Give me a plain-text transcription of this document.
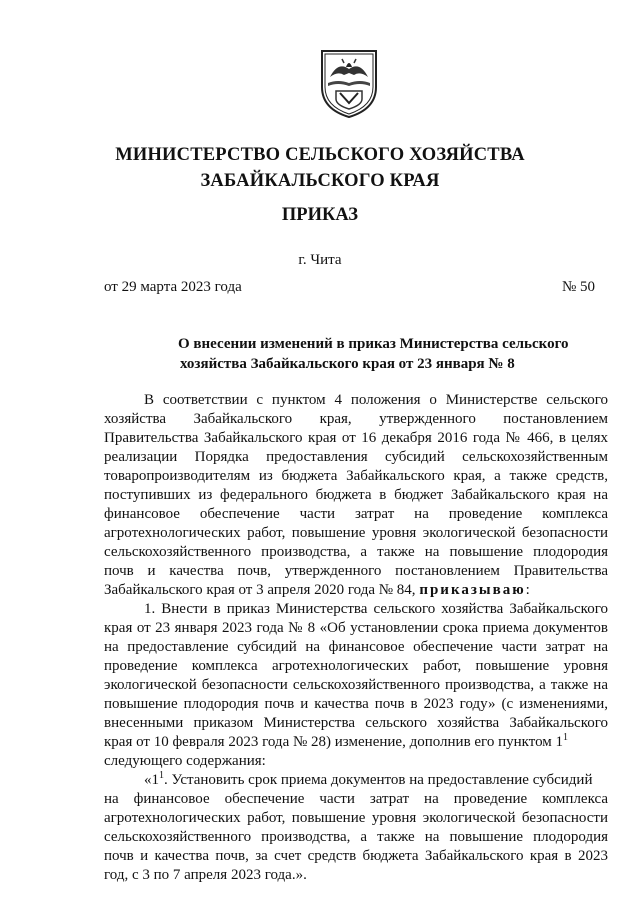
МИНИСТЕРСТВО СЕЛЬСКОГО ХОЗЯЙСТВА
ЗАБАЙКАЛЬСКОГО КРАЯ
ПРИКАЗ
г. Чита
от 29 марта 2023 года	№ 50
О внесении изменений в приказ Министерства сельского
хозяйства Забайкальского края от 23 января № 8
В соответствии с пунктом 4 положения о Министерстве сельского
хозяйства Забайкальского края, утвержденного постановлением
Правительства Забайкальского края от 16 декабря 2016 года № 466, в целях
реализации Порядка предоставления субсидий сельскохозяйственным
товаропроизводителям из бюджета Забайкальского края, а также средств,
поступивших из федерального бюджета в бюджет Забайкальского края на
финансовое обеспечение части затрат на проведение комплекса
агротехнологических работ, повышение уровня экологической безопасности
сельскохозяйственного производства, а также на повышение плодородия
почв и качества почв, утвержденного постановлением Правительства
Забайкальского края от 3 апреля 2020 года № 84, приказываю:
1. Внести в приказ Министерства сельского хозяйства Забайкальского
края от 23 января 2023 года № 8 «Об установлении срока приема документов
на предоставление субсидий на финансовое обеспечение части затрат на
проведение комплекса агротехнологических работ, повышение уровня
экологической безопасности сельскохозяйственного производства, а также на
повышение плодородия почв и качества почв в 2023 году» (с изменениями,
внесенными приказом Министерства сельского хозяйства Забайкальского
края от 10 февраля 2023 года № 28) изменение, дополнив его пунктом $1^1$
следующего содержания:
«$1^1$. Установить срок приема документов на предоставление субсидий
на финансовое обеспечение части затрат на проведение комплекса
агротехнологических работ, повышение уровня экологической безопасности
сельскохозяйственного производства, а также на повышение плодородия
почв и качества почв, за счет средств бюджета Забайкальского края в 2023
год, с 3 по 7 апреля 2023 года.».
